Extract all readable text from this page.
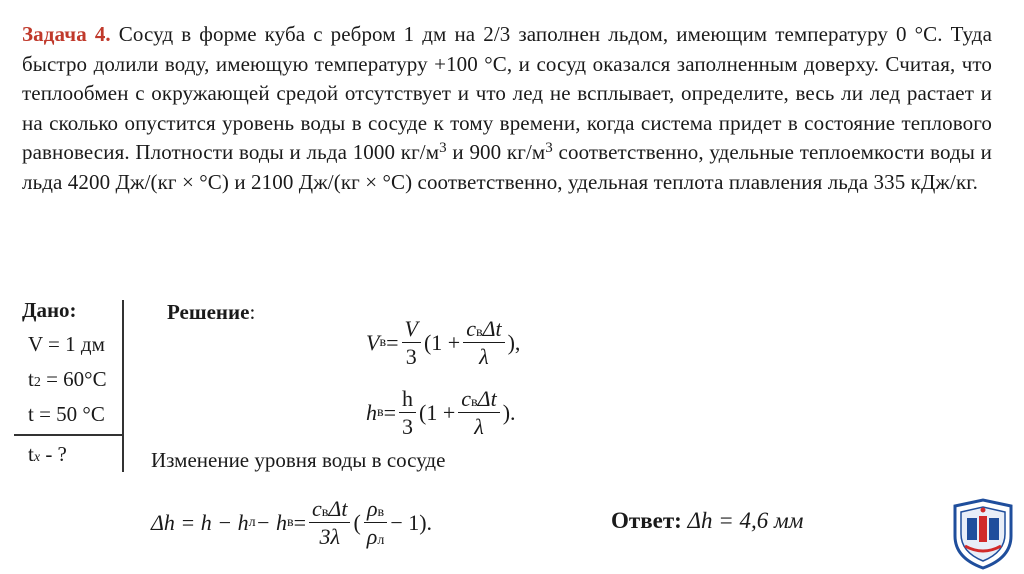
Задача 4. Сосуд в форме куба с ребром 1 дм на 2/3 заполнен льдом, имеющим температуру 0 °С. Туда быстро долили воду, имеющую температуру +100 °С, и сосуд оказался заполненным доверху. Считая, что теплообмен с окружающей средой отсутствует и что лед не всплывает, определите, весь ли лед растает и на сколько опустится уровень воды в сосуде к тому времени, когда система придет в состояние теплового равновесия. Плотности воды и льда 1000 $кг/м^3$ и 900 $кг/м^3$ соответственно, удельные теплоемкости воды и льда 4200 Дж/(кг × °С) и 2100 Дж/(кг × °С) соответственно, удельная теплота плавления льда 335 кДж/кг.
Дано:
V = 1 дм
t2 = 60°С
t = 50 °С
tx - ?
Решение:
V $в = \frac{V}{3} (1 + \frac{\text{cвΔt}}{\lambda}$ ),
h $в = \frac{h}{3} (1 + \frac{\text{cвΔt}}{\lambda}$ ).
Изменение уровня воды в сосуде
Δh = h − h л − h $в = \frac{\text{cвΔt}}{3\lambda}$ ( $\frac{\rho в}{\rho л} - 1$).	Ответ: Δh = 4,6 мм
